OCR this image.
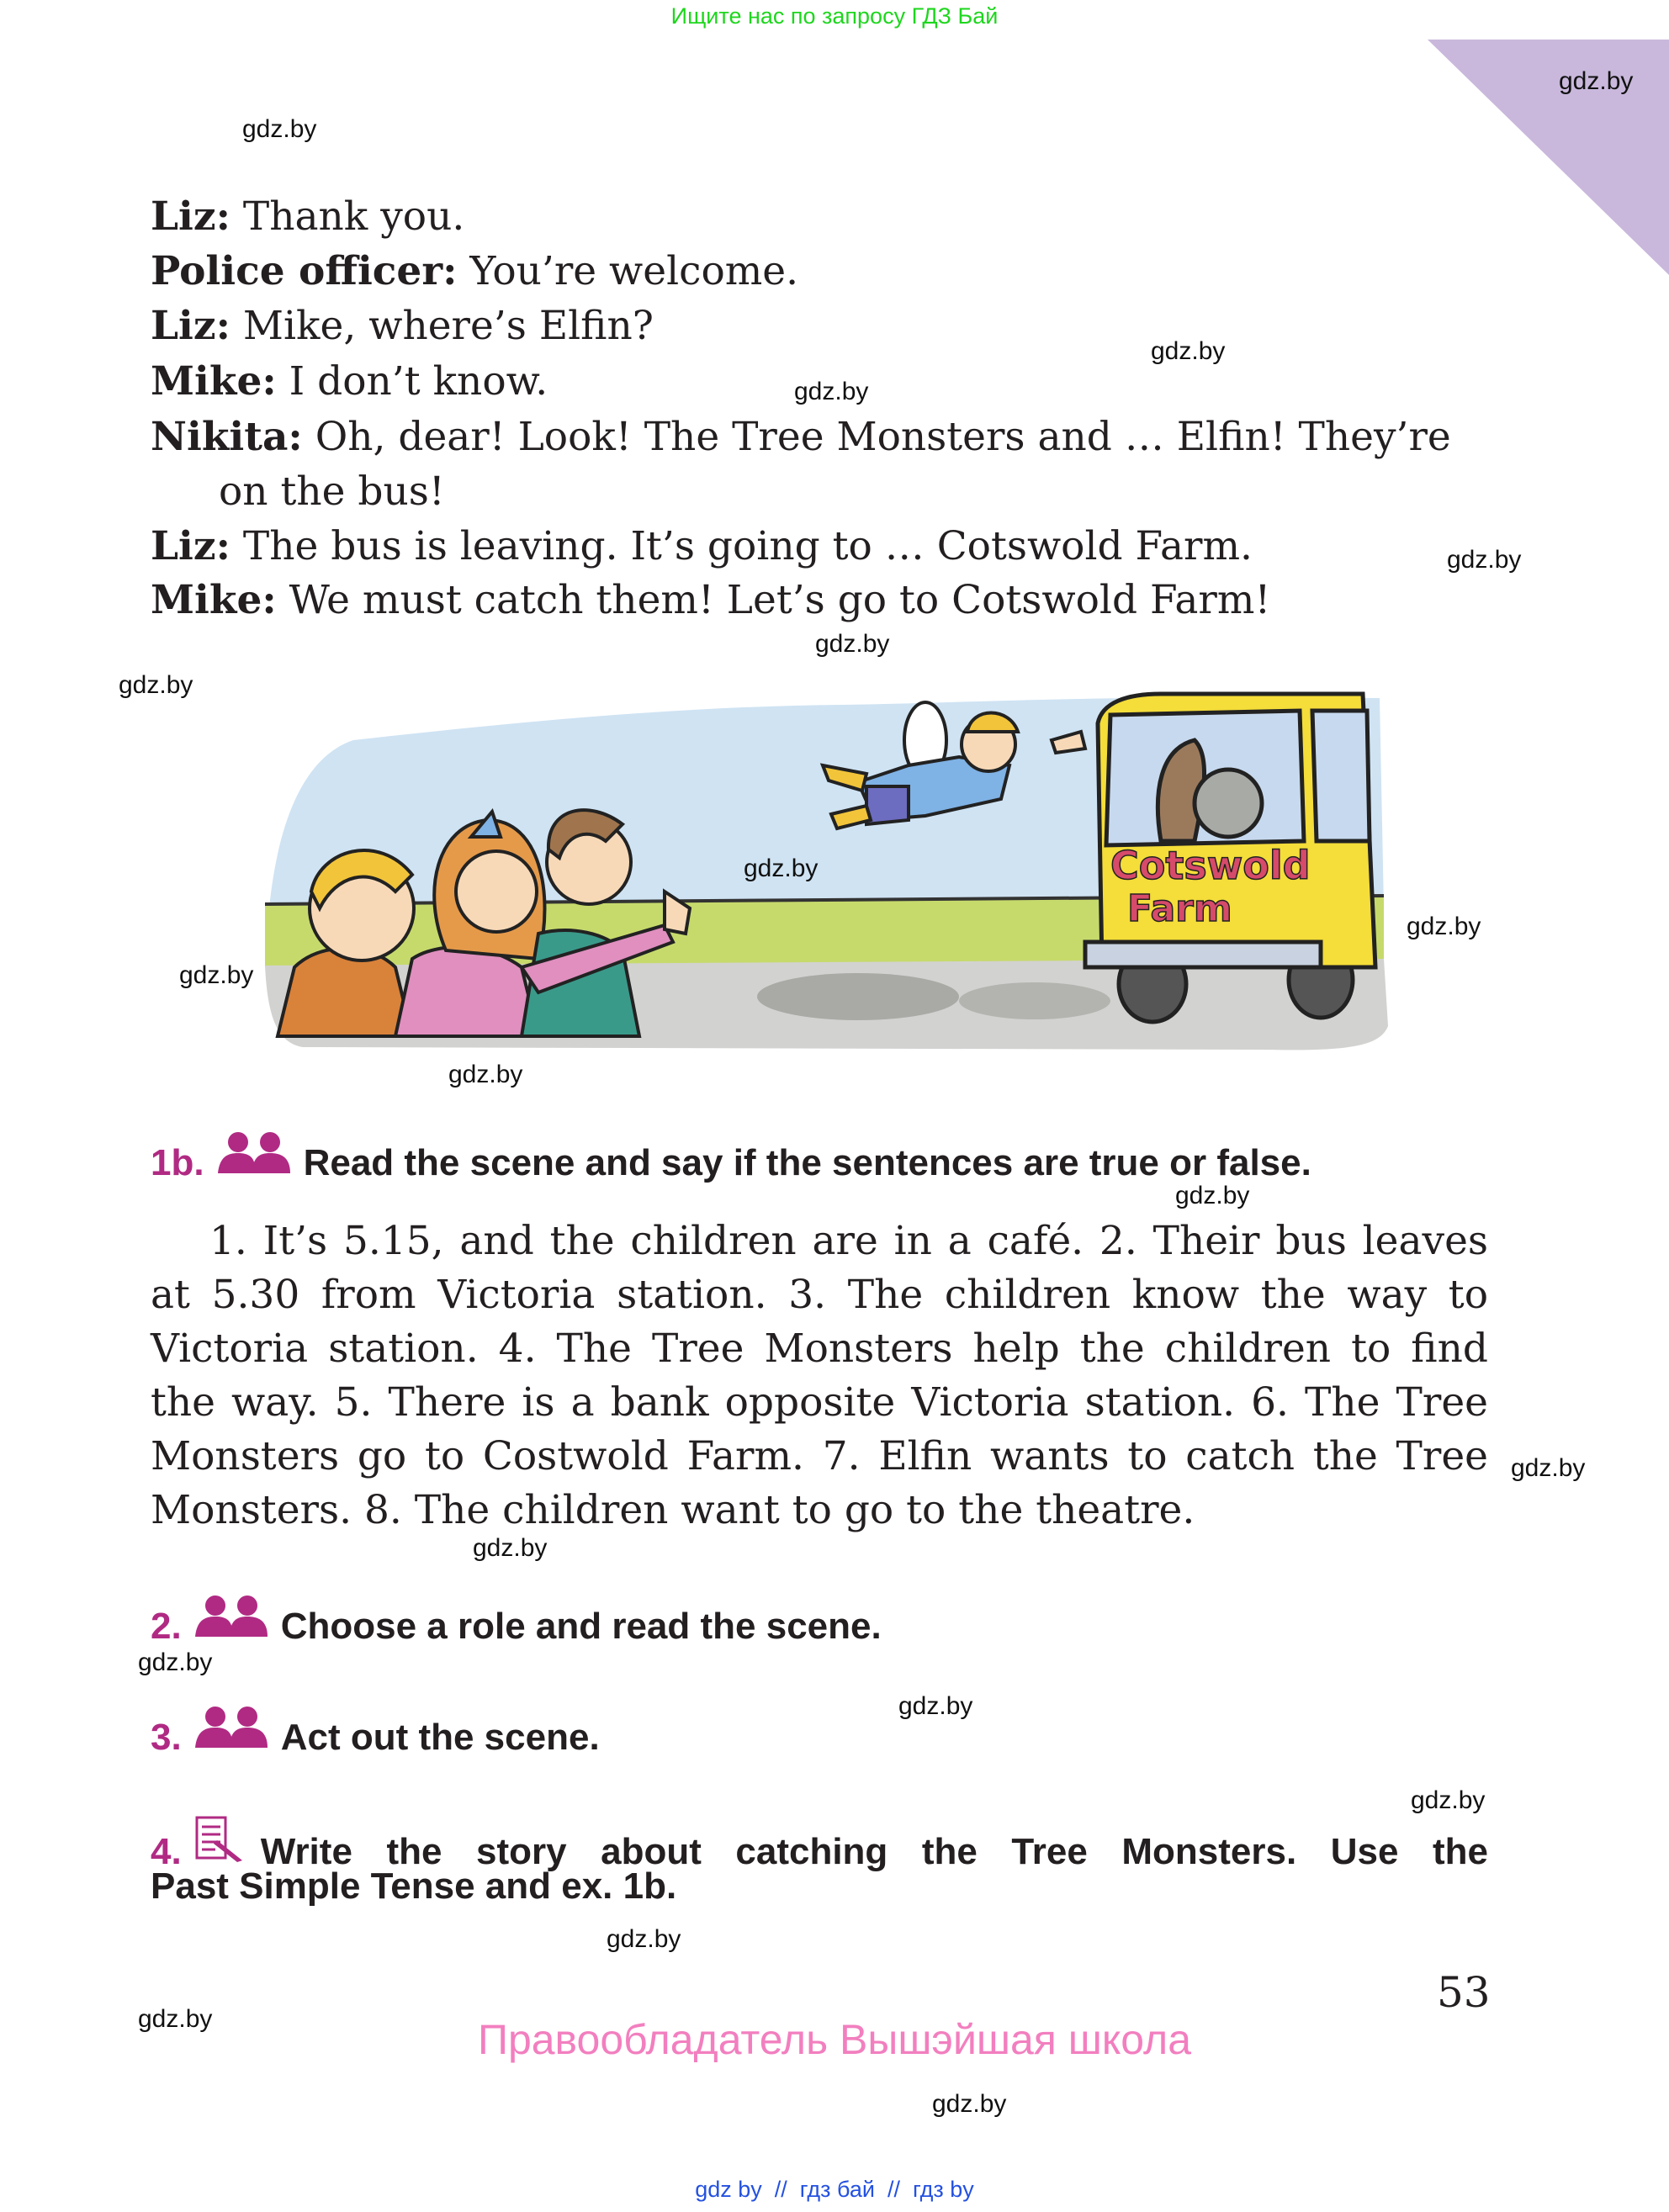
Ищите нас по запросу ГДЗ Бай
gdz.by
gdz.by
gdz.by
gdz.by
gdz.by
gdz.by
gdz.by
Liz: Thank you.
Police officer: You’re welcome.
Liz: Mike, where’s Elfin?
Mike: I don’t know.
Nikita: Oh, dear! Look! The Tree Monsters and … Elfin! They’re
on the bus!
Liz: The bus is leaving. It’s going to … Cotswold Farm.
Mike: We must catch them! Let’s go to Cotswold Farm!
Cotswold
Farm
gdz.by
gdz.by
gdz.by
gdz.by
1b.	Read the scene and say if the sentences are true or false.
gdz.by
1. It’s 5.15, and the children are in a café. 2. Their bus leaves at 5.30 from Victoria station. 3. The children know the way to Victoria station. 4. The Tree Monsters help the children to find the way. 5. There is a bank opposite Victoria station. 6. The Tree Monsters go to Costwold Farm. 7. Elfin wants to catch the Tree Monsters. 8. The children want to go to the theatre.
gdz.by
gdz.by
2.	Choose a role and read the scene.
gdz.by
gdz.by
3.	Act out the scene.
gdz.by
4. Write the story about catching the Tree Monsters. Use the
Past Simple Tense and ex. 1b.
gdz.by
53
gdz.by	Правообладатель Вышэйшая школа
gdz.by
gdz by  //  гдз бай  //  гдз by
